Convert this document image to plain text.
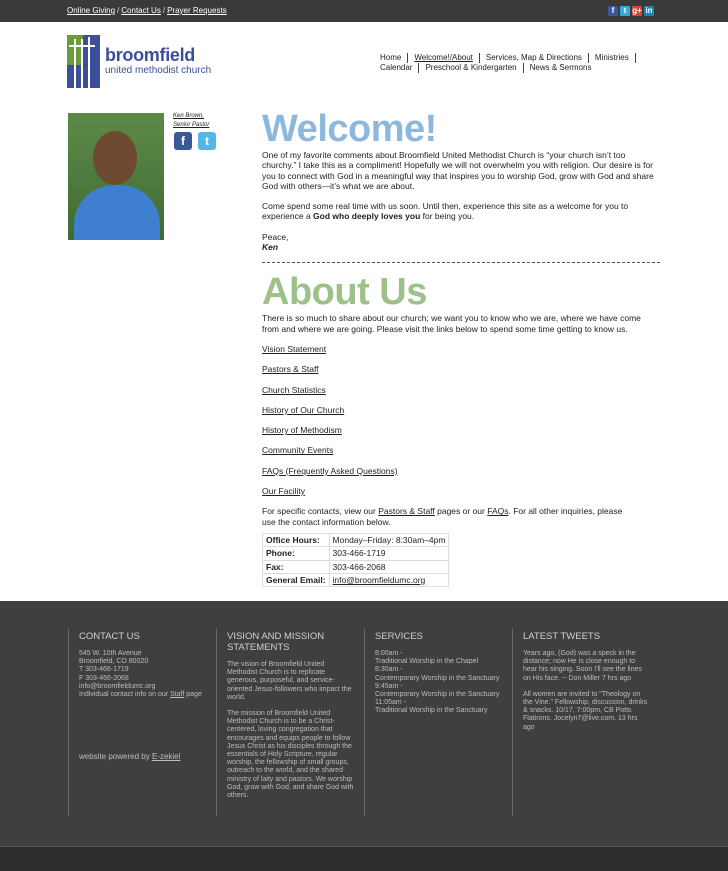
Online Giving / Contact Us / Prayer Requests	f	t g+ in
broomfield
united methodist church
Home	Welcome!/About	Services, Map & Directions	Ministries
Calendar	Preschool & Kindergarten	News & Sermons
Ken Brown,
Senior Pastor
f	t Welcome!

One of my favorite comments about Broomfield United Methodist Church is “your church isn’t too churchy.” I take this as a compliment! Hopefully we will not overwhelm you with religion. Our desire is for you to connect with God in a meaningful way that inspires you to worship God, grow with God and share God with others—it’s what we are about.

Come spend some real time with us soon. Until then, experience this site as a welcome for you to experience a God who deeply loves you for being you.

Peace,
Ken
About Us

There is so much to share about our church; we want you to know who we are, where we have come from and where we are going. Please visit the links below to spend some time getting to know us.

Vision Statement
Pastors & Staff
Church Statistics
History of Our Church
History of Methodism
Community Events
FAQs (Frequently Asked Questions)
Our Facility

For specific contacts, view our Pastors & Staff pages or our FAQs. For all other inquiries, please use the contact information below.

Office Hours:	Monday–Friday: 8:30am–4pm
Phone:	303-466-1719
Fax:	303-466-2068
General Email:	info@broomfieldumc.org
CONTACT US
545 W. 10th Avenue
Broomfield, CO 80020
T 303-466-1719
F 303-466-2068
info@broomfieldumc.org
Individual contact info on our Staff page
website powered by E-zekiel
VISION AND MISSION STATEMENTS

The vision of Broomfield United Methodist Church is to replicate generous, purposeful, and service-oriented Jesus-followers who impact the world.

The mission of Broomfield United Methodist Church is to be a Christ-centered, loving congregation that encourages and equips people to follow Jesus Christ as his disciples through the essentials of Holy Scripture, regular worship, the fellowship of small groups, outreach to the world, and the shared ministry of laity and pastors. We worship God, grow with God, and share God with others.

SERVICES
8:00am -
Traditional Worship in the Chapel
8:30am -
Contemporary Worship in the Sanctuary
9:45am -
Contemporary Worship in the Sanctuary
11:05am -
Traditional Worship in the Sanctuary
LATEST TWEETS

Years ago, (God) was a speck in the distance; now He is close enough to hear his singing. Soon I'll see the lines on His face. -- Don Miller 7 hrs ago

All women are invited to "Theology on the Vine." Fellowship, discussion, drinks & snacks. 10/17, 7:00pm, CB Potts Flatirons. Jocelyn7@live.com. 13 hrs ago
